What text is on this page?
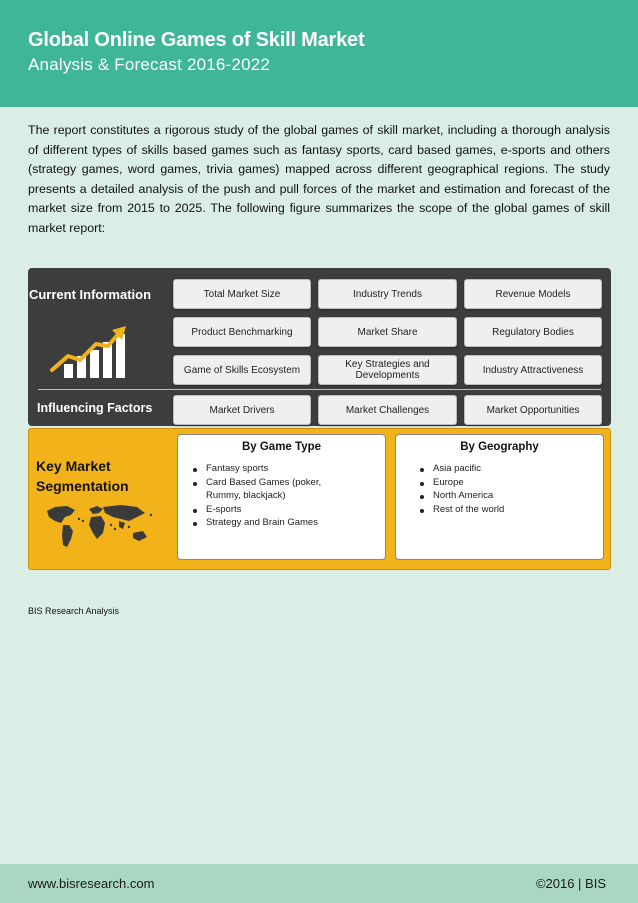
Global Online Games of Skill Market
Analysis & Forecast 2016-2022

The report constitutes a rigorous study of the global games of skill market, including a thorough analysis of different types of skills based games such as fantasy sports, card based games, e-sports and others (strategy games, word games, trivia games) mapped across different geographical regions. The study presents a detailed analysis of the push and pull forces of the market and estimation and forecast of the market size from 2015 to 2025. The following figure summarizes the scope of the global games of skill market report:

Current Information	Total Market Size	Industry Trends	Revenue Models
Product Benchmarking	Market Share	Regulatory Bodies
Game of Skills Ecosystem	Key Strategies and Developments	Industry Attractiveness
Influencing Factors	Market Drivers	Market Challenges	Market Opportunities
Key Market Segmentation
By Game Type
Fantasy sports
Card Based Games (poker, Rummy, blackjack)
E-sports
Strategy and Brain Games
By Geography
Asia pacific
Europe
North America
Rest of the world
BIS Research Analysis
www.bisresearch.com	©2016 | BIS
